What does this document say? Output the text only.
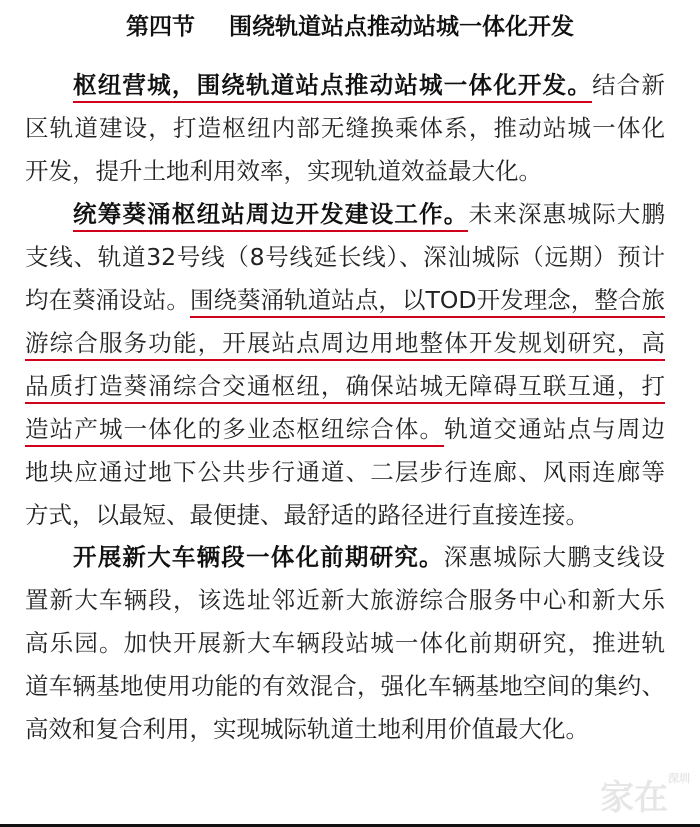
第四节 围绕轨道站点推动站城一体化开发
枢纽营城，围绕轨道站点推动站城一体化开发。结合新
区轨道建设，打造枢纽内部无缝换乘体系，推动站城一体化
开发，提升土地利用效率，实现轨道效益最大化。
统筹葵涌枢纽站周边开发建设工作。未来深惠城际大鹏
支线、轨道32号线（8号线延长线）、深汕城际（远期）预计
均在葵涌设站。围绕葵涌轨道站点，以TOD开发理念，整合旅
游综合服务功能，开展站点周边用地整体开发规划研究，高
品质打造葵涌综合交通枢纽，确保站城无障碍互联互通，打
造站产城一体化的多业态枢纽综合体。轨道交通站点与周边
地块应通过地下公共步行通道、二层步行连廊、风雨连廊等
方式，以最短、最便捷、最舒适的路径进行直接连接。
开展新大车辆段一体化前期研究。深惠城际大鹏支线设
置新大车辆段，该选址邻近新大旅游综合服务中心和新大乐
高乐园。加快开展新大车辆段站城一体化前期研究，推进轨
道车辆基地使用功能的有效混合，强化车辆基地空间的集约、
高效和复合利用，实现城际轨道土地利用价值最大化。
家在$^{深圳}$
